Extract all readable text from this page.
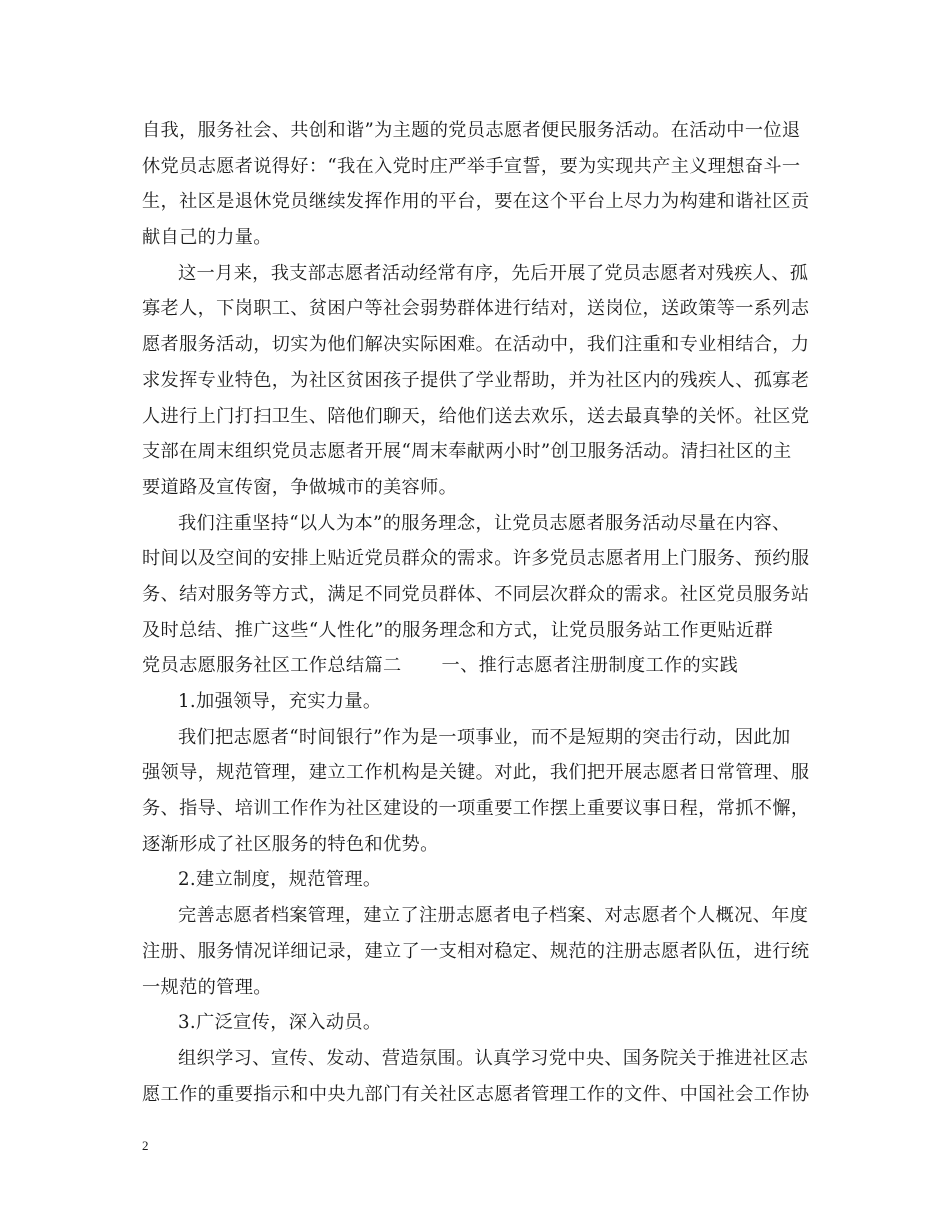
自我，服务社会、共创和谐”为主题的党员志愿者便民服务活动。在活动中一位退
休党员志愿者说得好：“我在入党时庄严举手宣誓，要为实现共产主义理想奋斗一
生，社区是退休党员继续发挥作用的平台，要在这个平台上尽力为构建和谐社区贡
献自己的力量。
这一月来，我支部志愿者活动经常有序，先后开展了党员志愿者对残疾人、孤
寡老人，下岗职工、贫困户等社会弱势群体进行结对，送岗位，送政策等一系列志
愿者服务活动，切实为他们解决实际困难。在活动中，我们注重和专业相结合，力
求发挥专业特色，为社区贫困孩子提供了学业帮助，并为社区内的残疾人、孤寡老
人进行上门打扫卫生、陪他们聊天，给他们送去欢乐，送去最真挚的关怀。社区党
支部在周末组织党员志愿者开展“周末奉献两小时”创卫服务活动。清扫社区的主
要道路及宣传窗，争做城市的美容师。
我们注重坚持“以人为本”的服务理念，让党员志愿者服务活动尽量在内容、
时间以及空间的安排上贴近党员群众的需求。许多党员志愿者用上门服务、预约服
务、结对服务等方式，满足不同党员群体、不同层次群众的需求。社区党员服务站
及时总结、推广这些“人性化”的服务理念和方式，让党员服务站工作更贴近群
党员志愿服务社区工作总结篇二 一、推行志愿者注册制度工作的实践
1.加强领导，充实力量。
我们把志愿者“时间银行”作为是一项事业，而不是短期的突击行动，因此加
强领导，规范管理，建立工作机构是关键。对此，我们把开展志愿者日常管理、服
务、指导、培训工作作为社区建设的一项重要工作摆上重要议事日程，常抓不懈，
逐渐形成了社区服务的特色和优势。
2.建立制度，规范管理。
完善志愿者档案管理，建立了注册志愿者电子档案、对志愿者个人概况、年度
注册、服务情况详细记录，建立了一支相对稳定、规范的注册志愿者队伍，进行统
一规范的管理。
3.广泛宣传，深入动员。
组织学习、宣传、发动、营造氛围。认真学习党中央、国务院关于推进社区志
愿工作的重要指示和中央九部门有关社区志愿者管理工作的文件、中国社会工作协
2
